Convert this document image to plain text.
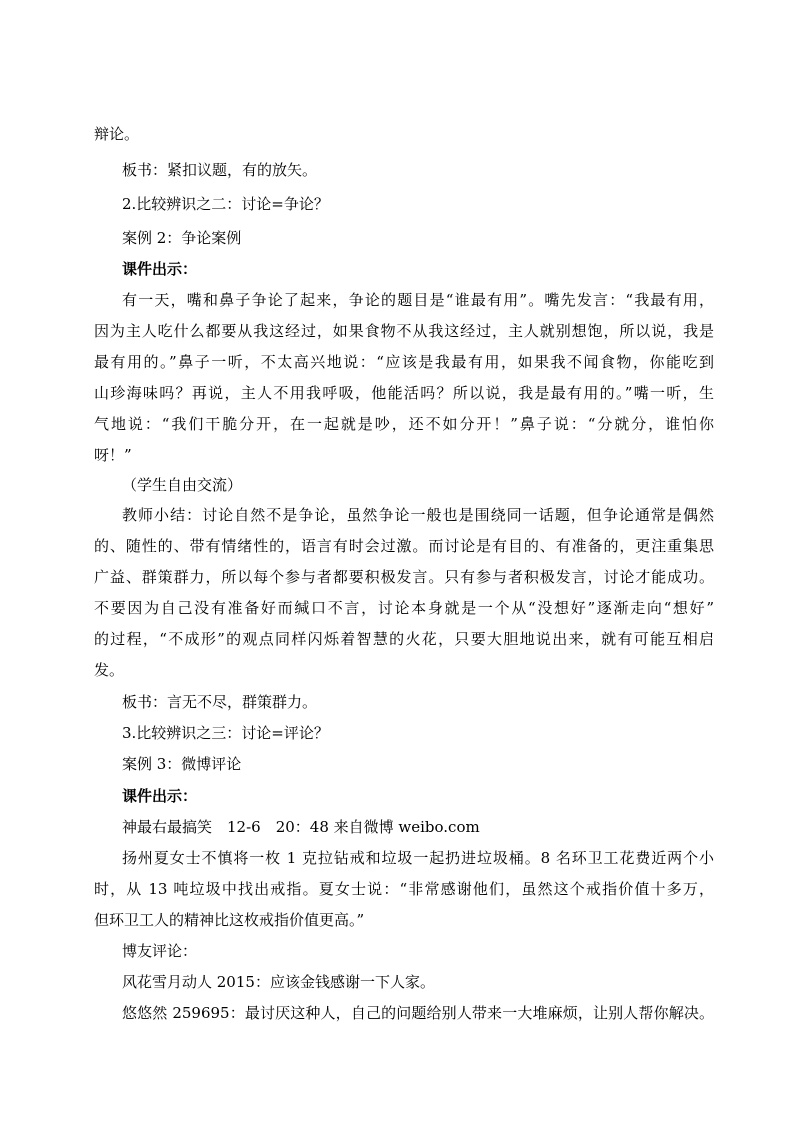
辩论。
板书：紧扣议题，有的放矢。
2.比较辨识之二：讨论=争论？
案例 2：争论案例
课件出示：
有一天，嘴和鼻子争论了起来，争论的题目是“谁最有用”。嘴先发言：“我最有用，
因为主人吃什么都要从我这经过，如果食物不从我这经过，主人就别想饱，所以说，我是
最有用的。”鼻子一听，不太高兴地说：“应该是我最有用，如果我不闻食物，你能吃到
山珍海味吗？再说，主人不用我呼吸，他能活吗？所以说，我是最有用的。”嘴一听，生
气地说：“我们干脆分开，在一起就是吵，还不如分开！”鼻子说：“分就分，谁怕你
呀！”
（学生自由交流）
教师小结：讨论自然不是争论，虽然争论一般也是围绕同一话题，但争论通常是偶然
的、随性的、带有情绪性的，语言有时会过激。而讨论是有目的、有准备的，更注重集思
广益、群策群力，所以每个参与者都要积极发言。只有参与者积极发言，讨论才能成功。
不要因为自己没有准备好而缄口不言，讨论本身就是一个从“没想好”逐渐走向“想好”
的过程，“不成形”的观点同样闪烁着智慧的火花，只要大胆地说出来，就有可能互相启
发。
板书：言无不尽，群策群力。
3.比较辨识之三：讨论=评论？
案例 3：微博评论
课件出示：
神最右最搞笑　12-6　20：48 来自微博 weibo.com
扬州夏女士不慎将一枚 1 克拉钻戒和垃圾一起扔进垃圾桶。8 名环卫工花费近两个小
时，从 13 吨垃圾中找出戒指。夏女士说：“非常感谢他们，虽然这个戒指价值十多万，
但环卫工人的精神比这枚戒指价值更高。”
博友评论：
风花雪月动人 2015：应该金钱感谢一下人家。
悠悠然 259695：最讨厌这种人，自己的问题给别人带来一大堆麻烦，让别人帮你解决。
